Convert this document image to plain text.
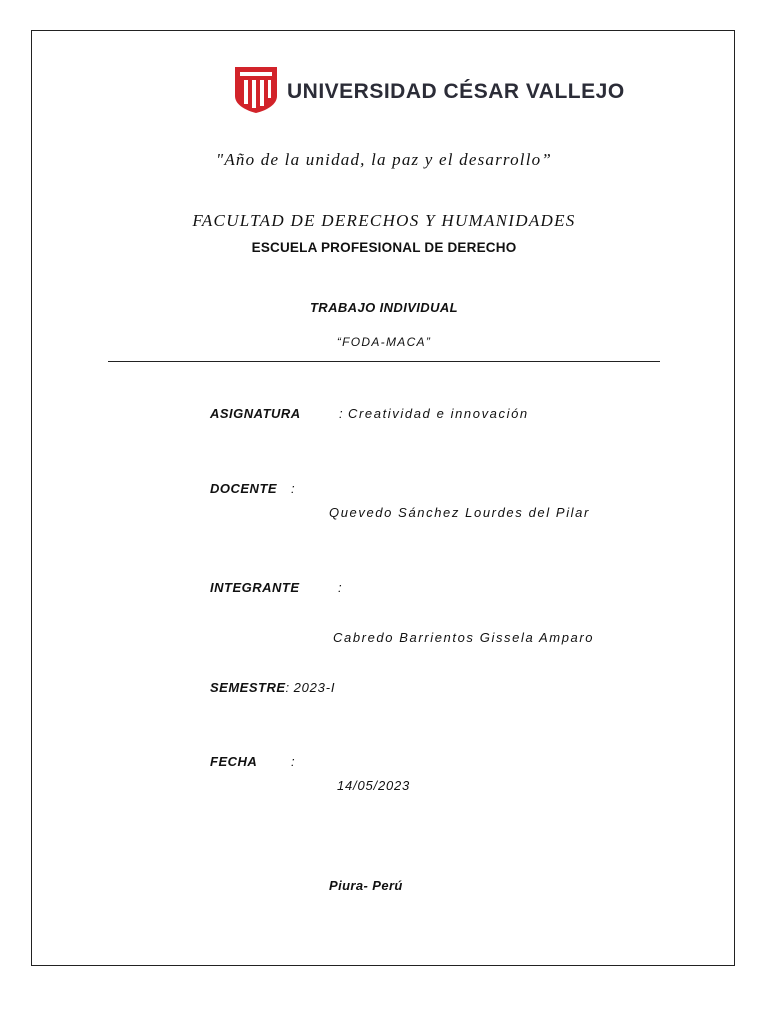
UNIVERSIDAD CÉSAR VALLEJO
"Año de la unidad, la paz y el desarrollo”
FACULTAD DE DERECHOS Y HUMANIDADES
ESCUELA PROFESIONAL DE DERECHO
TRABAJO INDIVIDUAL
“FODA-MACA”
ASIGNATURA	: Creatividad e innovación
DOCENTE :
Quevedo Sánchez Lourdes del Pilar
INTEGRANTE	:
Cabredo Barrientos Gissela Amparo
SEMESTRE: 2023-I
FECHA	:
14/05/2023
Piura- Perú
